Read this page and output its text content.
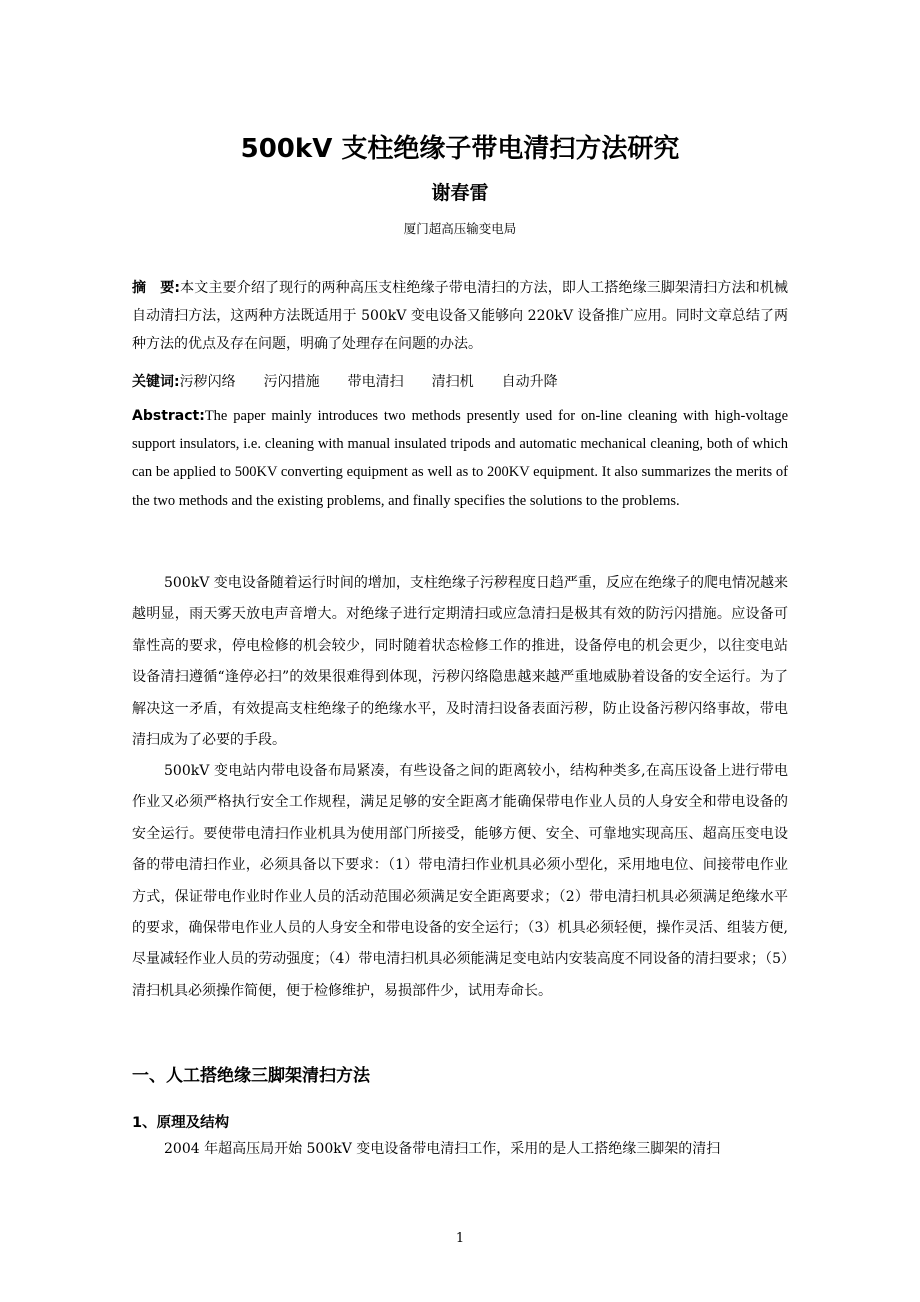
500kV 支柱绝缘子带电清扫方法研究
谢春雷
厦门超高压输变电局
摘　要:本文主要介绍了现行的两种高压支柱绝缘子带电清扫的方法，即人工搭绝缘三脚架清扫方法和机械自动清扫方法，这两种方法既适用于 500kV 变电设备又能够向 220kV 设备推广应用。同时文章总结了两种方法的优点及存在问题，明确了处理存在问题的办法。
关键词:污秽闪络 污闪措施 带电清扫 清扫机 自动升降
Abstract:The paper mainly introduces two methods presently used for on-line cleaning with high-voltage support insulators, i.e. cleaning with manual insulated tripods and automatic mechanical cleaning, both of which can be applied to 500KV converting equipment as well as to 200KV equipment. It also summarizes the merits of the two methods and the existing problems, and finally specifies the solutions to the problems.
500kV 变电设备随着运行时间的增加，支柱绝缘子污秽程度日趋严重，反应在绝缘子的爬电情况越来越明显，雨天雾天放电声音增大。对绝缘子进行定期清扫或应急清扫是极其有效的防污闪措施。应设备可靠性高的要求，停电检修的机会较少，同时随着状态检修工作的推进，设备停电的机会更少，以往变电站设备清扫遵循“逢停必扫”的效果很难得到体现，污秽闪络隐患越来越严重地威胁着设备的安全运行。为了解决这一矛盾，有效提高支柱绝缘子的绝缘水平，及时清扫设备表面污秽，防止设备污秽闪络事故，带电清扫成为了必要的手段。
500kV 变电站内带电设备布局紧凑，有些设备之间的距离较小，结构种类多,在高压设备上进行带电作业又必须严格执行安全工作规程，满足足够的安全距离才能确保带电作业人员的人身安全和带电设备的安全运行。要使带电清扫作业机具为使用部门所接受，能够方便、安全、可靠地实现高压、超高压变电设备的带电清扫作业，必须具备以下要求：（1）带电清扫作业机具必须小型化，采用地电位、间接带电作业方式，保证带电作业时作业人员的活动范围必须满足安全距离要求；（2）带电清扫机具必须满足绝缘水平的要求，确保带电作业人员的人身安全和带电设备的安全运行；（3）机具必须轻便，操作灵活、组装方便,尽量减轻作业人员的劳动强度；（4）带电清扫机具必须能满足变电站内安装高度不同设备的清扫要求；（5）清扫机具必须操作简便，便于检修维护，易损部件少，试用寿命长。
一、人工搭绝缘三脚架清扫方法
1、原理及结构
2004 年超高压局开始 500kV 变电设备带电清扫工作，采用的是人工搭绝缘三脚架的清扫
1
